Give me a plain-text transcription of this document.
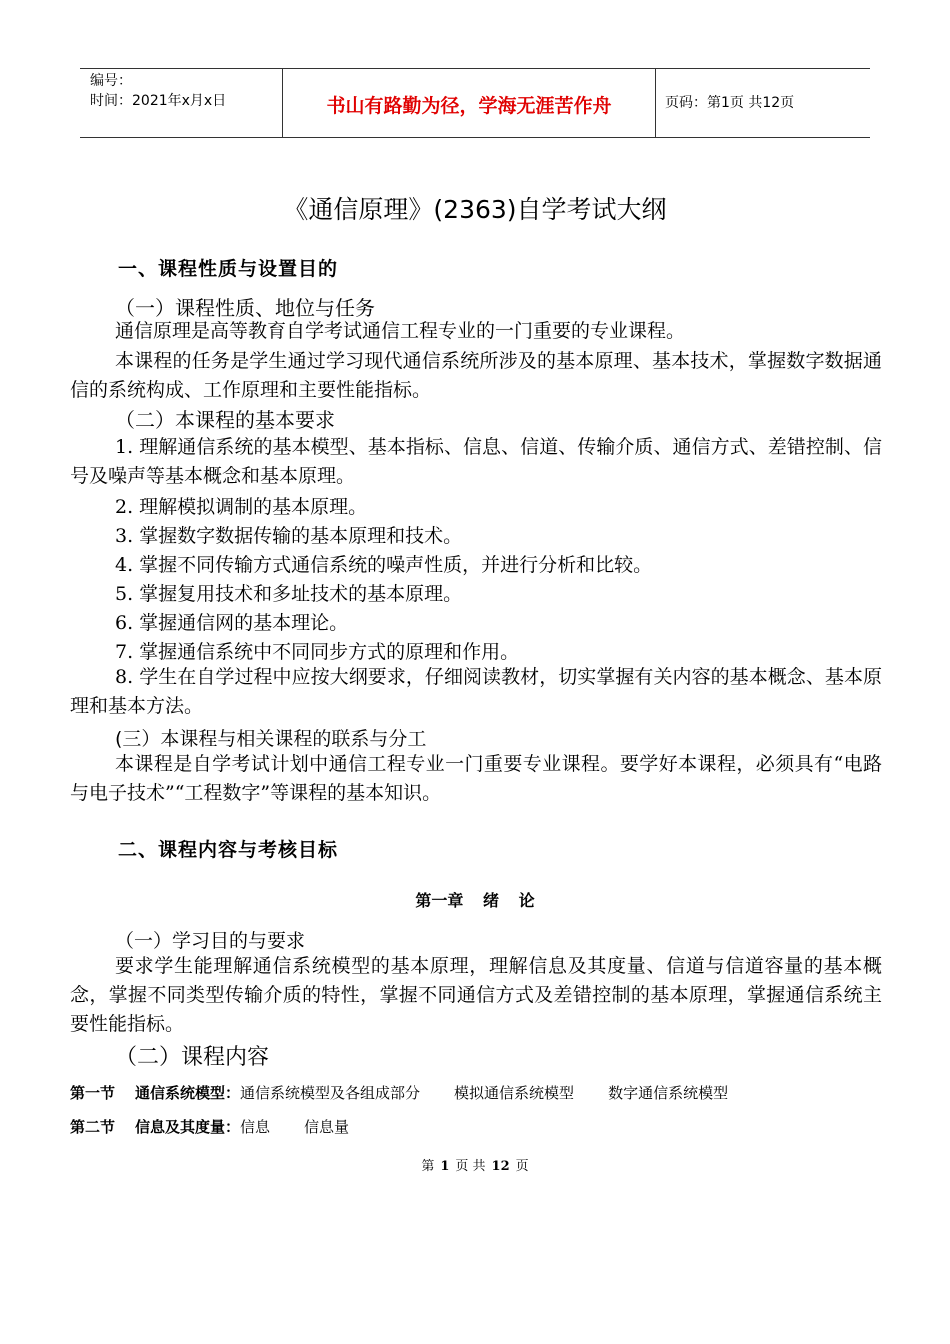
编号：
时间：2021年x月x日	书山有路勤为径，学海无涯苦作舟	页码：第1页 共12页
《通信原理》(2363)自学考试大纲
一、课程性质与设置目的
（一）课程性质、地位与任务
通信原理是高等教育自学考试通信工程专业的一门重要的专业课程。
本课程的任务是学生通过学习现代通信系统所涉及的基本原理、基本技术，掌握数字数据通信的系统构成、工作原理和主要性能指标。
（二）本课程的基本要求
1. 理解通信系统的基本模型、基本指标、信息、信道、传输介质、通信方式、差错控制、信号及噪声等基本概念和基本原理。
2. 理解模拟调制的基本原理。
3. 掌握数字数据传输的基本原理和技术。
4. 掌握不同传输方式通信系统的噪声性质，并进行分析和比较。
5. 掌握复用技术和多址技术的基本原理。
6. 掌握通信网的基本理论。
7. 掌握通信系统中不同同步方式的原理和作用。
8. 学生在自学过程中应按大纲要求，仔细阅读教材，切实掌握有关内容的基本概念、基本原理和基本方法。
(三）本课程与相关课程的联系与分工
本课程是自学考试计划中通信工程专业一门重要专业课程。要学好本课程，必须具有“电路与电子技术”“工程数字”等课程的基本知识。
二、课程内容与考核目标
第一章 绪 论
（一）学习目的与要求
要求学生能理解通信系统模型的基本原理，理解信息及其度量、信道与信道容量的基本概念，掌握不同类型传输介质的特性，掌握不同通信方式及差错控制的基本原理，掌握通信系统主要性能指标。
（二）课程内容
第一节 通信系统模型：通信系统模型及各组成部分 模拟通信系统模型 数字通信系统模型
第二节 信息及其度量：信息 信息量
第 1 页 共 12 页
